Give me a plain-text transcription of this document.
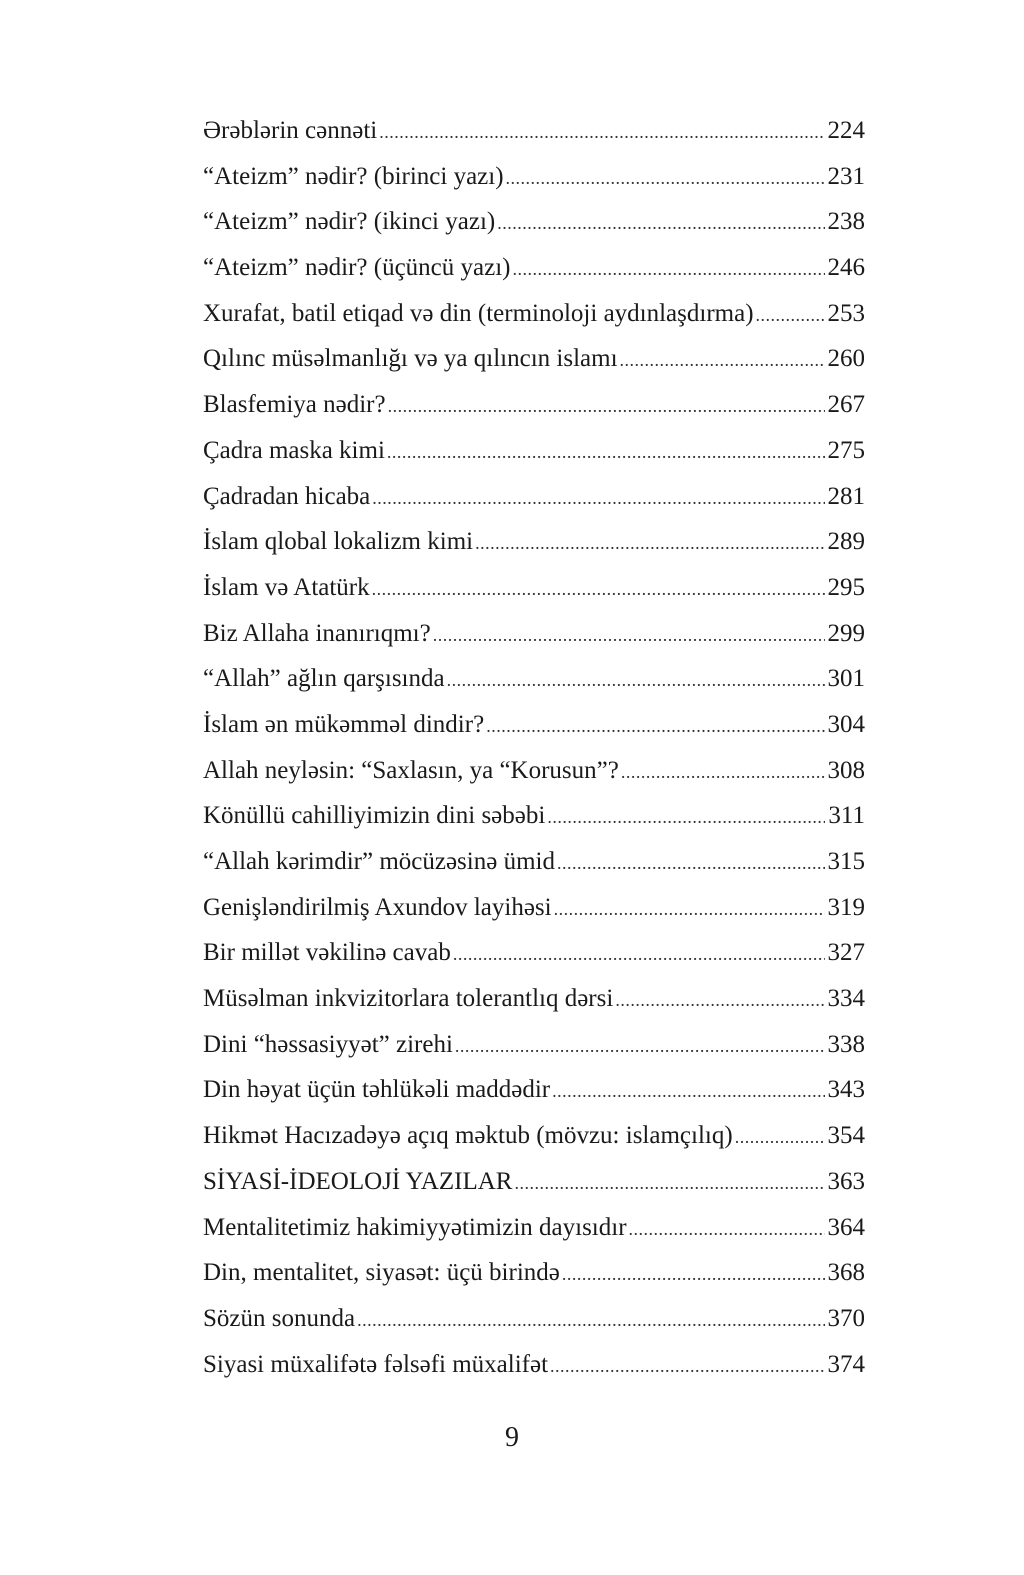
Ərəblərin cənnəti .....	224
“Ateizm” nədir? (birinci yazı) .....	231
“Ateizm” nədir? (ikinci yazı) .....	238
“Ateizm” nədir? (üçüncü yazı) .....	246
Xurafat, batil etiqad və din (terminoloji aydınlaşdırma) .....	253
Qılınc müsəlmanlığı və ya qılıncın islamı .....	260
Blasfemiya nədir? .....	267
Çadra maska kimi .....	275
Çadradan hicaba .....	281
İslam qlobal lokalizm kimi .....	289
İslam və Atatürk .....	295
Biz Allaha inanırıqmı? .....	299
“Allah” ağlın qarşısında .....	301
İslam ən mükəmməl dindir? .....	304
Allah neyləsin: “Saxlasın, ya “Korusun”? .....	308
Könüllü cahilliyimizin dini səbəbi .....	311
“Allah kərimdir” möcüzəsinə ümid .....	315
Genişləndirilmiş Axundov layihəsi .....	319
Bir millət vəkilinə cavab .....	327
Müsəlman inkvizitorlara tolerantlıq dərsi .....	334
Dini “həssasiyyət” zirehi .....	338
Din həyat üçün təhlükəli maddədir .....	343
Hikmət Hacızadəyə açıq məktub (mövzu: islamçılıq) .....	354
SİYASİ-İDEOLOJİ YAZILAR .....	363
Mentalitetimiz hakimiyyətimizin dayısıdır .....	364
Din, mentalitet, siyasət: üçü birində .....	368
Sözün sonunda .....	370
Siyasi müxalifətə fəlsəfi müxalifət .....	374
9
